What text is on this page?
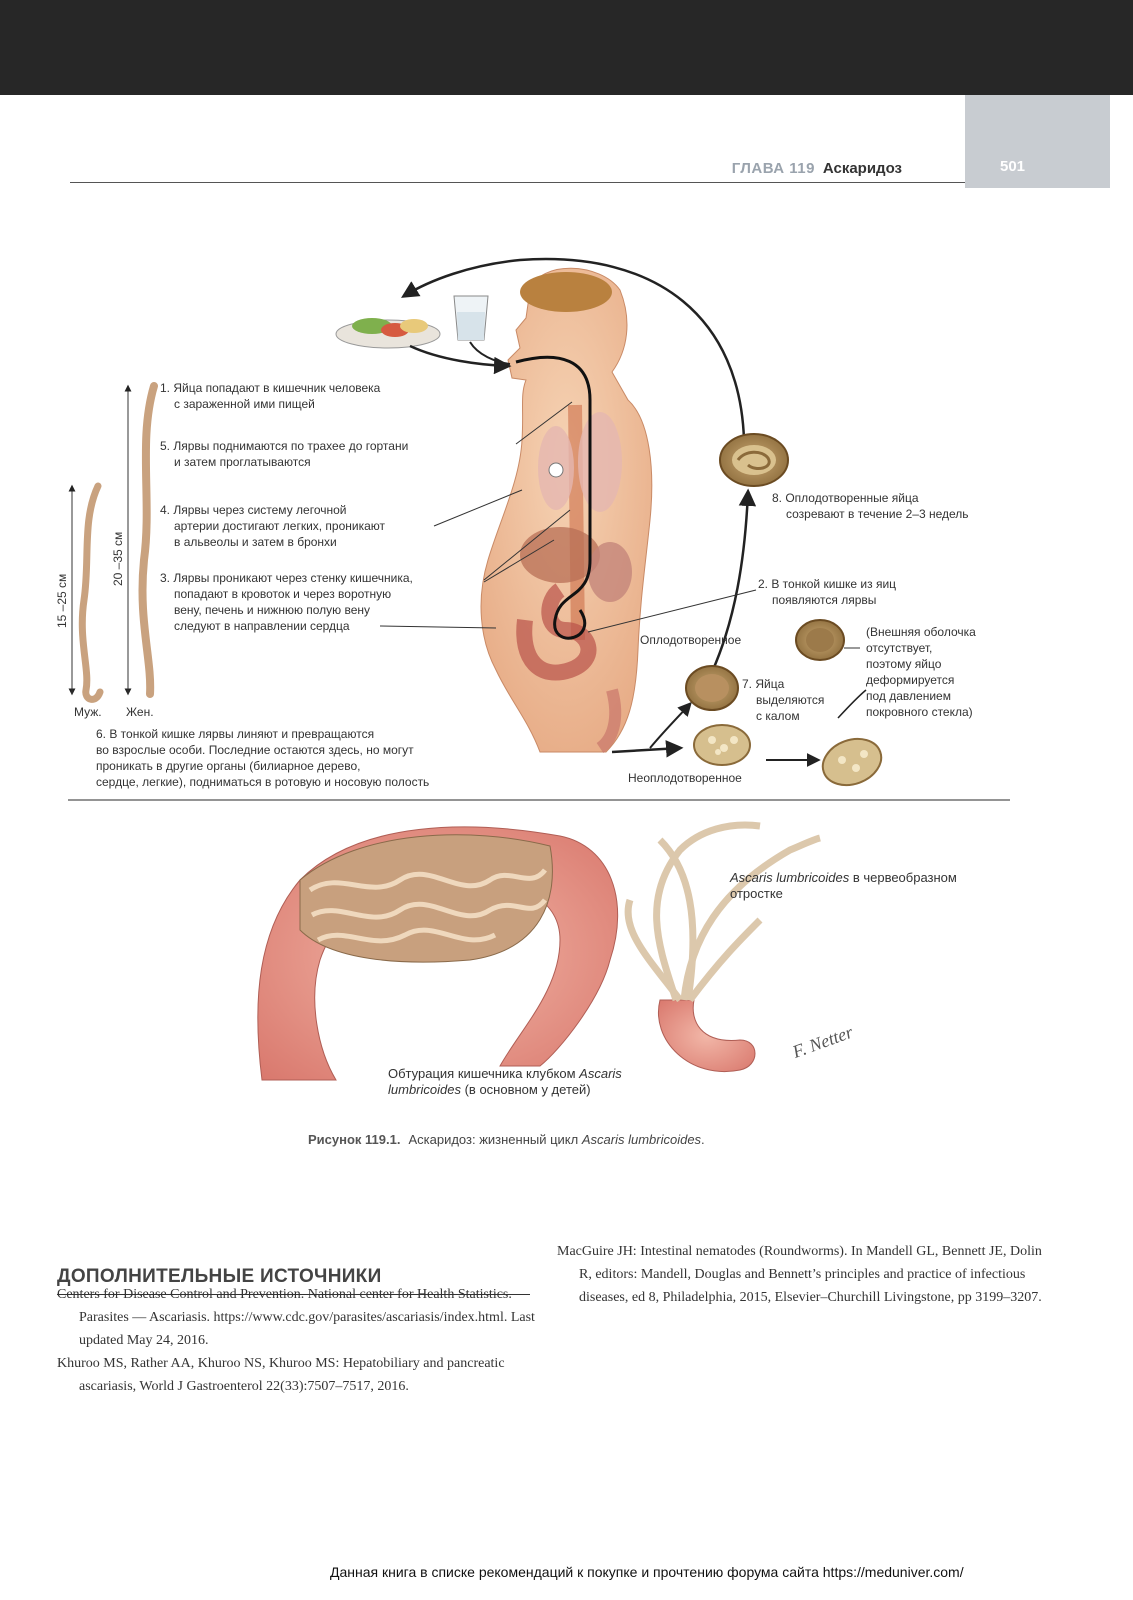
501
ГЛАВА 119 Аскаридоз
15 –25 см
20 –35 см
F. Netter
1. Яйца попадают в кишечник человека
с зараженной ими пищей
5. Лярвы поднимаются по трахее до гортани
и затем проглатываются
4. Лярвы через систему легочной
артерии достигают легких, проникают
в альвеолы и затем в бронхи
3. Лярвы проникают через стенку кишечника,
попадают в кровоток и через воротную
вену, печень и нижнюю полую вену
следуют в направлении сердца
6. В тонкой кишке лярвы линяют и превращаются
во взрослые особи. Последние остаются здесь, но могут
проникать в другие органы (билиарное дерево,
сердце, легкие), подниматься в ротовую и носовую полость
8. Оплодотворенные яйца
созревают в течение 2–3 недель
2. В тонкой кишке из яиц
появляются лярвы
7. Яйца
выделяются
с калом
Оплодотворенное
Неоплодотворенное
(Внешняя оболочка
отсутствует,
поэтому яйцо
деформируется
под давлением
покровного стекла)
Муж. Жен.
Ascaris lumbricoides в червеобразном
отростке
Обтурация кишечника клубком Ascaris
lumbricoides (в основном у детей)
Рисунок 119.1. Аскаридоз: жизненный цикл Ascaris lumbricoides.
ДОПОЛНИТЕЛЬНЫЕ ИСТОЧНИКИ
Centers for Disease Control and Prevention. National center for Health Statistics. Parasites — Ascariasis. https://www.cdc.gov/parasites/ascariasis/index.html. Last updated May 24, 2016.
Khuroo MS, Rather AA, Khuroo NS, Khuroo MS: Hepatobiliary and pancreatic ascariasis, World J Gastroenterol 22(33):7507–7517, 2016.
MacGuire JH: Intestinal nematodes (Roundworms). In Mandell GL, Bennett JE, Dolin R, editors: Mandell, Douglas and Bennett’s principles and practice of infectious diseases, ed 8, Philadelphia, 2015, Elsevier–Churchill Livingstone, pp 3199–3207.
Данная книга в списке рекомендаций к покупке и прочтению форума сайта https://meduniver.com/
